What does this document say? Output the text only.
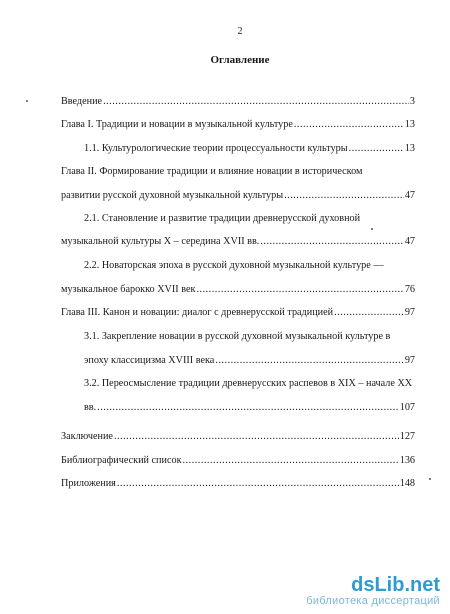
2
Оглавление
Введение .....	3
Глава I. Традиции и новации в музыкальной культуре .....	13
1.1. Культурологические теории процессуальности культуры .....	13
Глава II. Формирование традиции и влияние новации в историческом
развитии русской духовной музыкальной культуры .....	47
2.1. Становление и развитие традиции древнерусской духовной
музыкальной культуры X – середина XVII вв. .....	47
2.2. Новаторская эпоха в русской духовной музыкальной культуре —
музыкальное барокко XVII век .....	76
Глава III. Канон и новации: диалог с древнерусской традицией .....	97
3.1. Закрепление новации в русской духовной музыкальной культуре в
эпоху классицизма XVIII века .....	97
3.2. Переосмысление традиции древнерусских распевов в XIX – начале XX
вв. .....	107
Заключение .....	127
Библиографический список .....	136
Приложения .....	148
dsLib.net
библиотека диссертаций
